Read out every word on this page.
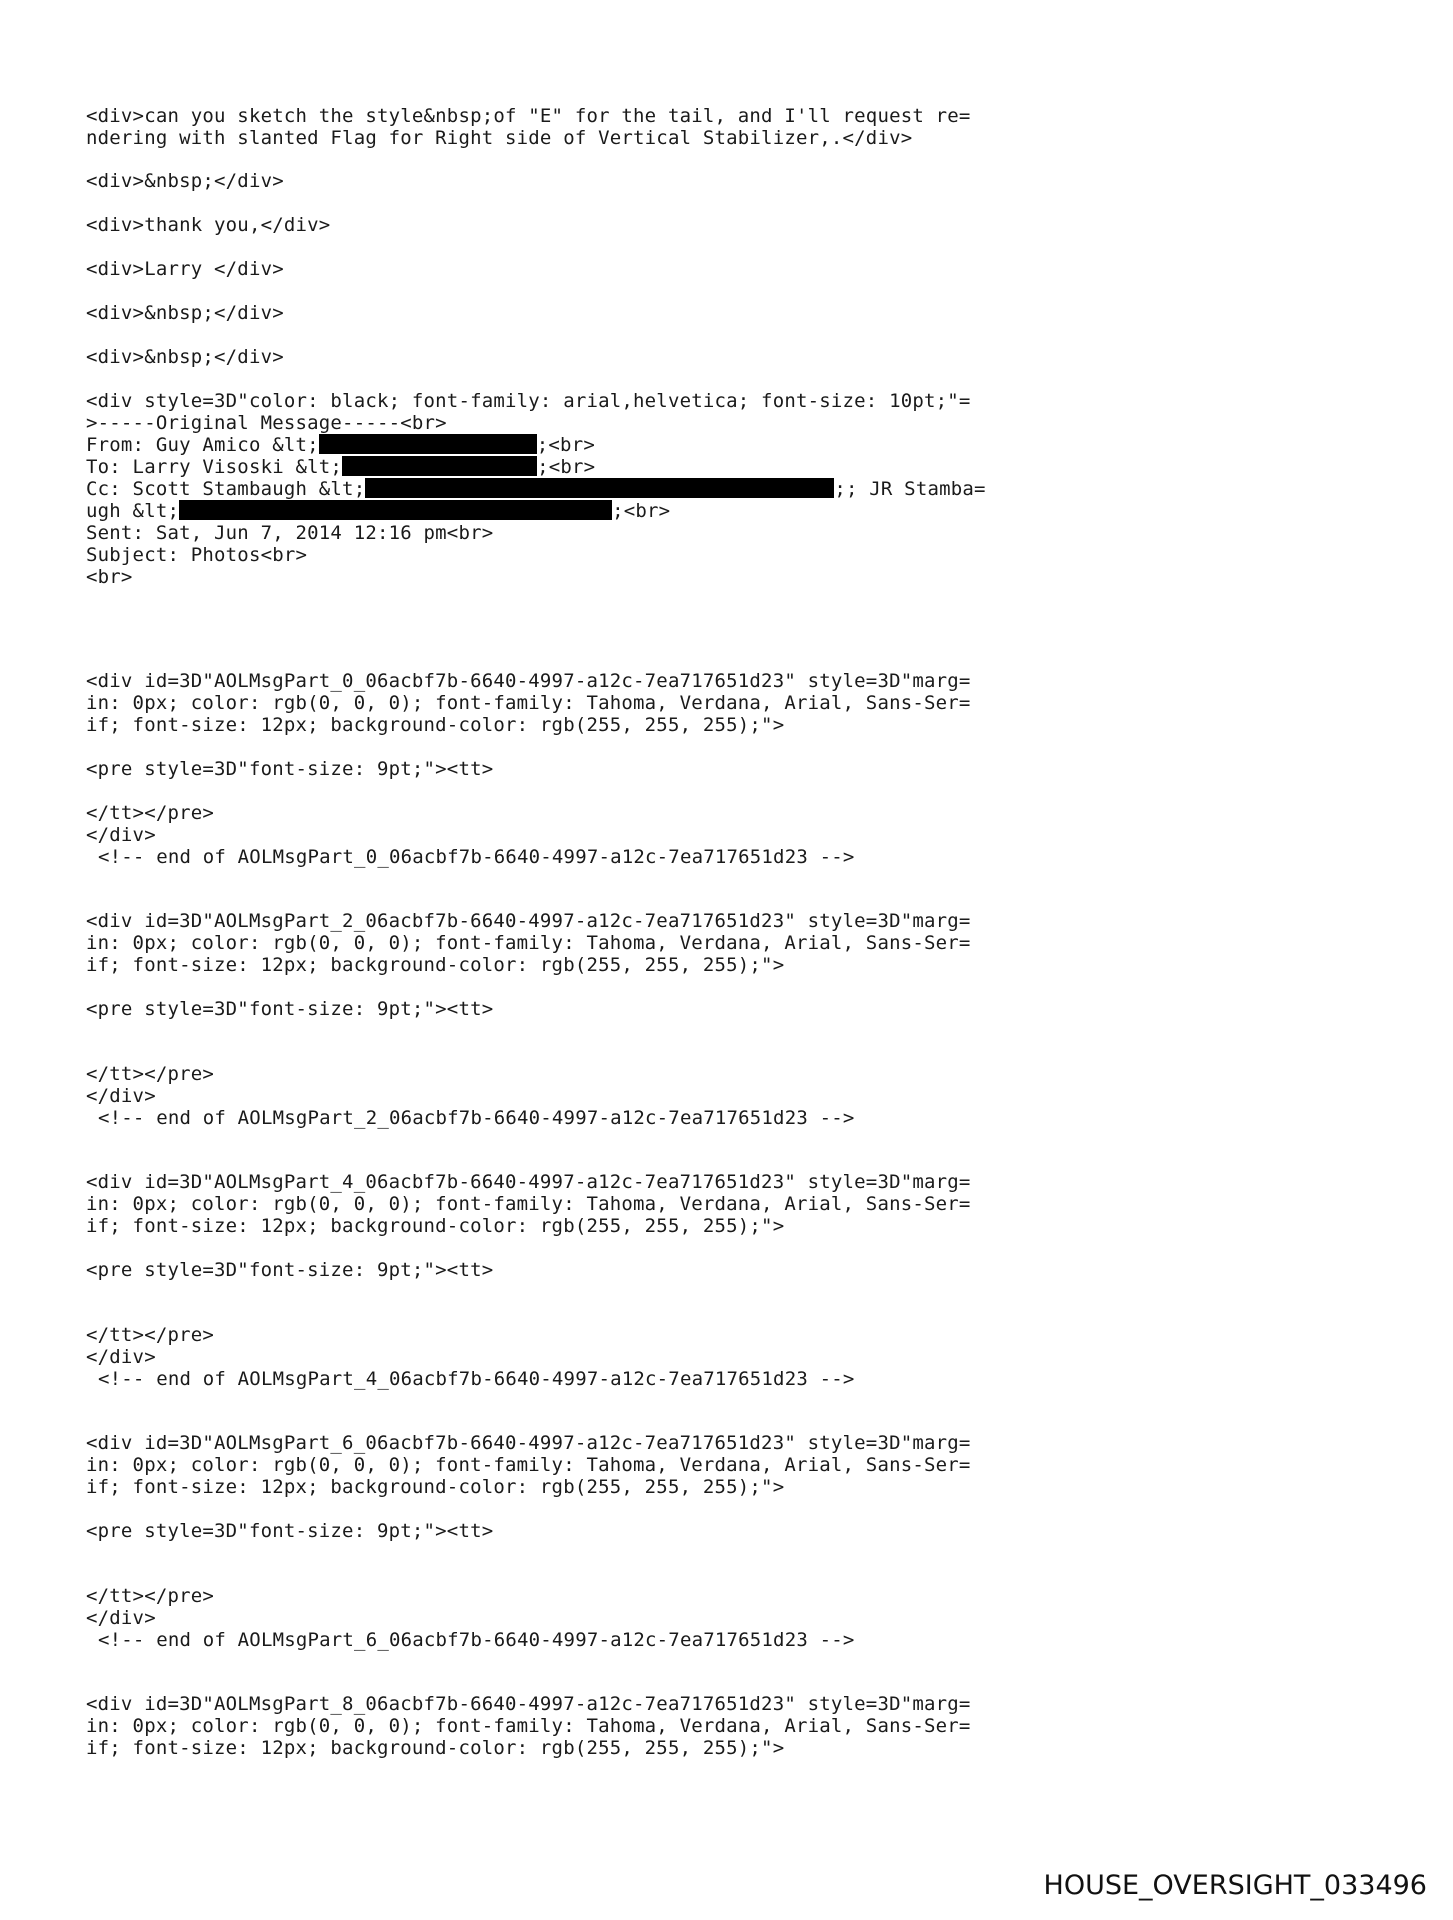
<div>can you sketch the style&nbsp;of "E" for the tail, and I'll request re=
ndering with slanted Flag for Right side of Vertical Stabilizer,.</div>
<div>&nbsp;</div>
<div>thank you,</div>
<div>Larry </div>
<div>&nbsp;</div>
<div>&nbsp;</div>
<div style=3D"color: black; font-family: arial,helvetica; font-size: 10pt;"=
>-----Original Message-----<br>
From: Guy Amico &lt;	;<br>
To: Larry Visoski &lt;	;<br>
Cc: Scott Stambaugh &lt;	;; JR Stamba=
ugh &lt;	;<br>
Sent: Sat, Jun 7, 2014 12:16 pm<br>
Subject: Photos<br>
<br>
<div id=3D"AOLMsgPart_0_06acbf7b-6640-4997-a12c-7ea717651d23" style=3D"marg=
in: 0px; color: rgb(0, 0, 0); font-family: Tahoma, Verdana, Arial, Sans-Ser=
if; font-size: 12px; background-color: rgb(255, 255, 255);">
<pre style=3D"font-size: 9pt;"><tt>
</tt></pre>
</div>
<!-- end of AOLMsgPart_0_06acbf7b-6640-4997-a12c-7ea717651d23 -->
<div id=3D"AOLMsgPart_2_06acbf7b-6640-4997-a12c-7ea717651d23" style=3D"marg=
in: 0px; color: rgb(0, 0, 0); font-family: Tahoma, Verdana, Arial, Sans-Ser=
if; font-size: 12px; background-color: rgb(255, 255, 255);">
<pre style=3D"font-size: 9pt;"><tt>
</tt></pre>
</div>
<!-- end of AOLMsgPart_2_06acbf7b-6640-4997-a12c-7ea717651d23 -->
<div id=3D"AOLMsgPart_4_06acbf7b-6640-4997-a12c-7ea717651d23" style=3D"marg=
in: 0px; color: rgb(0, 0, 0); font-family: Tahoma, Verdana, Arial, Sans-Ser=
if; font-size: 12px; background-color: rgb(255, 255, 255);">
<pre style=3D"font-size: 9pt;"><tt>
</tt></pre>
</div>
<!-- end of AOLMsgPart_4_06acbf7b-6640-4997-a12c-7ea717651d23 -->
<div id=3D"AOLMsgPart_6_06acbf7b-6640-4997-a12c-7ea717651d23" style=3D"marg=
in: 0px; color: rgb(0, 0, 0); font-family: Tahoma, Verdana, Arial, Sans-Ser=
if; font-size: 12px; background-color: rgb(255, 255, 255);">
<pre style=3D"font-size: 9pt;"><tt>
</tt></pre>
</div>
<!-- end of AOLMsgPart_6_06acbf7b-6640-4997-a12c-7ea717651d23 -->
<div id=3D"AOLMsgPart_8_06acbf7b-6640-4997-a12c-7ea717651d23" style=3D"marg=
in: 0px; color: rgb(0, 0, 0); font-family: Tahoma, Verdana, Arial, Sans-Ser=
if; font-size: 12px; background-color: rgb(255, 255, 255);">
HOUSE_OVERSIGHT_033496
